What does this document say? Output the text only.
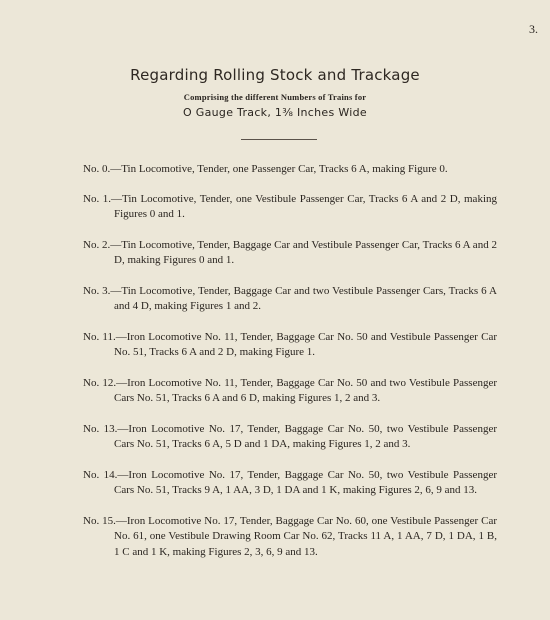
3.
Regarding Rolling Stock and Trackage
Comprising the different Numbers of Trains for
O Gauge Track, 1⅜ Inches Wide

No. 0.—Tin Locomotive, Tender, one Passenger Car, Tracks 6 A, making Figure 0.

No. 1.—Tin Locomotive, Tender, one Vestibule Passenger Car, Tracks 6 A and 2 D, making Figures 0 and 1.

No. 2.—Tin Locomotive, Tender, Baggage Car and Vestibule Passenger Car, Tracks 6 A and 2 D, making Figures 0 and 1.

No. 3.—Tin Locomotive, Tender, Baggage Car and two Vestibule Passenger Cars, Tracks 6 A and 4 D, making Figures 1 and 2.

No. 11.—Iron Locomotive No. 11, Tender, Baggage Car No. 50 and Vestibule Passenger Car No. 51, Tracks 6 A and 2 D, making Figure 1.

No. 12.—Iron Locomotive No. 11, Tender, Baggage Car No. 50 and two Vestibule Passenger Cars No. 51, Tracks 6 A and 6 D, making Figures 1, 2 and 3.

No. 13.—Iron Locomotive No. 17, Tender, Baggage Car No. 50, two Vestibule Passenger Cars No. 51, Tracks 6 A, 5 D and 1 DA, making Figures 1, 2 and 3.

No. 14.—Iron Locomotive No. 17, Tender, Baggage Car No. 50, two Vestibule Passenger Cars No. 51, Tracks 9 A, 1 AA, 3 D, 1 DA and 1 K, making Figures 2, 6, 9 and 13.

No. 15.—Iron Locomotive No. 17, Tender, Baggage Car No. 60, one Vestibule Passenger Car No. 61, one Vestibule Drawing Room Car No. 62, Tracks 11 A, 1 AA, 7 D, 1 DA, 1 B, 1 C and 1 K, making Figures 2, 3, 6, 9 and 13.
